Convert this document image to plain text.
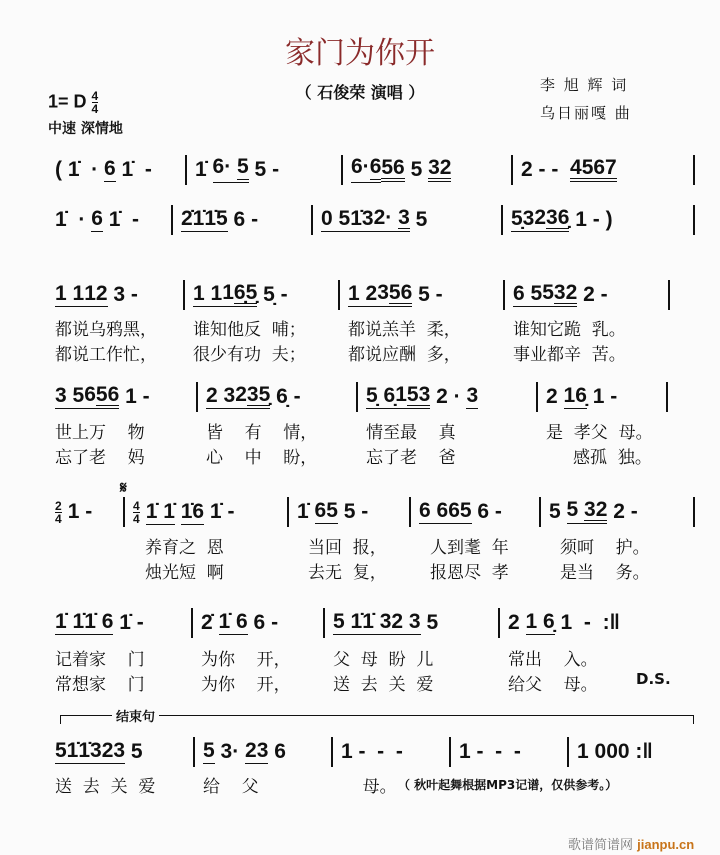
家门为你开
（ 石俊荣 演唱 ）
1= D $\frac{4}{4}$
中速 深情地
李 旭 辉 词
乌日丽嘎 曲
( 1̇  · 6 1̇  -	1̇ 6· 5 5 -	6·6 56 5 32	2 - - 4567
1̇  · 6 1̇  -	2̇1̇ 1̇5 6 -	0 5 1̇3 2· 3 5	5̣3 236̣ 1 - )
1 1 12 3 -	1 1 16̣5̣ 5̣ -	1 2 356 5 -	6 5 532 2 -
都说乌鸦黑，	谁知他反  哺；	都说羔羊  柔，	谁知它跪  乳。
都说工作忙，	很少有功  夫；	都说应酬  多，	事业都辛  苦。
3 5 656 1 -	2 3 235̣ 6̣ -	5̣ 6̣ 153 2 · 3	2 16̣ 1 -
世上万    物	皆    有    情，	情至最    真	是  孝父  母。
忘了老    妈	心    中    盼，	忘了老    爸	感孤  独。
𝄋
2
4 1 -	4
4 1̇ 1̇ 1̇6 1̇ -	1̇ 65 5 -	6 6 65 6 -	5 5 32 2 -
养育之  恩	当回  报，	人到耄  年	须呵    护。
烛光短  啊	去无  复，	报恩尽  孝	是当    务。
1̇ 1̇ 1̇ 6 1̇ -	2̇ 1̇ 6 6 -	5 1̇ 1̇ 3 2 3 5	2 1 6̣ 1  -  :‖
记着家    门	为你    开，	父  母  盼  儿	常出    入。
常想家    门	为你    开，	送  去  关  爱	给父    母。	D.S.
结束句
51̇ 1̇3 23 5	5 3· 23 6	1 -  -  -	1 -  -  -	1 000 :‖
送  去  关  爱	给    父	母。 （ 秋叶起舞根据MP3记谱，仅供参考。）
歌谱简谱网 jianpu.cn
